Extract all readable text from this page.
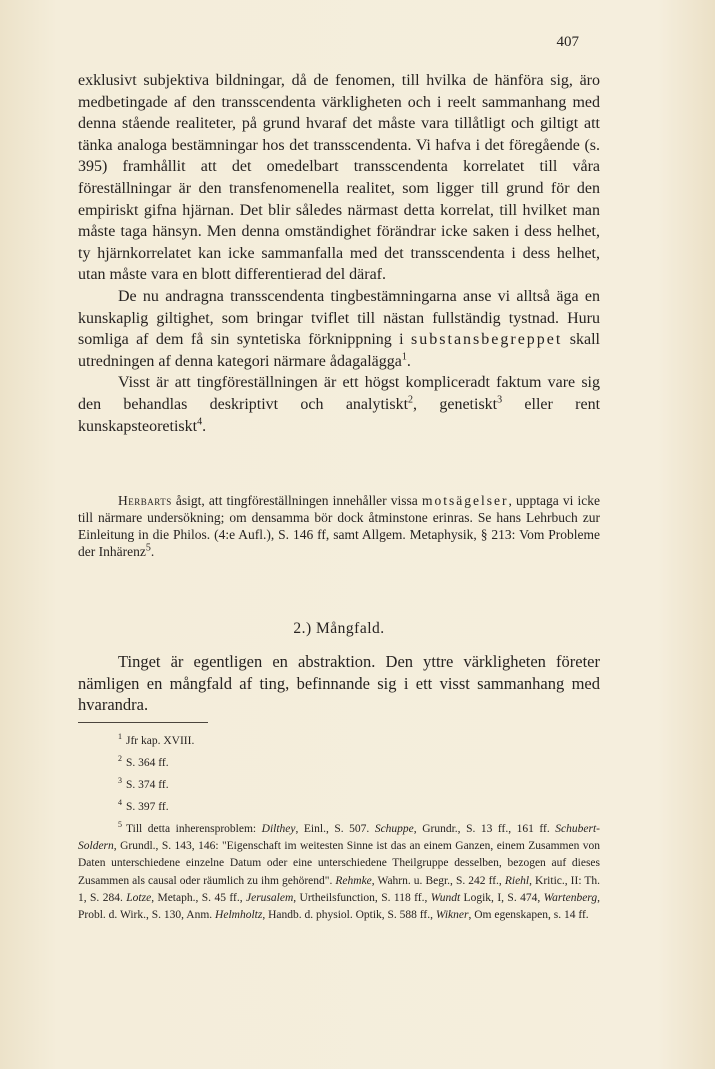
407

exklusivt subjektiva bildningar, då de fenomen, till hvilka de hänföra sig, äro medbetingade af den transscendenta värkligheten och i reelt sammanhang med denna stående realiteter, på grund hvaraf det måste vara tillåtligt och giltigt att tänka analoga bestämningar hos det transscendenta. Vi hafva i det föregående (s. 395) framhållit att det omedelbart transscendenta korrelatet till våra föreställningar är den transfenomenella realitet, som ligger till grund för den empiriskt gifna hjärnan. Det blir således närmast detta korrelat, till hvilket man måste taga hänsyn. Men denna omständighet förändrar icke saken i dess helhet, ty hjärnkorrelatet kan icke sammanfalla med det transscendenta i dess helhet, utan måste vara en blott differentierad del däraf.

De nu andragna transscendenta tingbestämningarna anse vi alltså äga en kunskaplig giltighet, som bringar tviflet till nästan fullständig tystnad. Huru somliga af dem få sin syntetiska förknippning i substansbegreppet skall utredningen af denna kategori närmare ådagalägga$^1$.

Visst är att tingföreställningen är ett högst kompliceradt faktum vare sig den behandlas deskriptivt och analytiskt$^2$, genetiskt$^3$ eller rent kunskapsteoretiskt$^4$.

Herbarts åsigt, att tingföreställningen innehåller vissa motsägelser, upptaga vi icke till närmare undersökning; om densamma bör dock åtminstone erinras. Se hans Lehrbuch zur Einleitung in die Philos. (4:e Aufl.), S. 146 ff, samt Allgem. Metaphysik, § 213: Vom Probleme der Inhärenz$^5$.

2.) Mångfald.

Tinget är egentligen en abstraktion. Den yttre värkligheten företer nämligen en mångfald af ting, befinnande sig i ett visst sammanhang med hvarandra.

$^1$ Jfr kap. XVIII.

$^2$ S. 364 ff.

$^3$ S. 374 ff.

$^4$ S. 397 ff.

$^5$ Till detta inherensproblem: Dilthey, Einl., S. 507. Schuppe, Grundr., S. 13 ff., 161 ff. Schubert-Soldern, Grundl., S. 143, 146: "Eigenschaft im weitesten Sinne ist das an einem Ganzen, einem Zusammen von Daten unterschiedene einzelne Datum oder eine unterschiedene Theilgruppe desselben, bezogen auf dieses Zusammen als causal oder räumlich zu ihm gehörend". Rehmke, Wahrn. u. Begr., S. 242 ff., Riehl, Kritic., II: Th. 1, S. 284. Lotze, Metaph., S. 45 ff., Jerusalem, Urtheilsfunction, S. 118 ff., Wundt Logik, I, S. 474, Wartenberg, Probl. d. Wirk., S. 130, Anm. Helmholtz, Handb. d. physiol. Optik, S. 588 ff., Wikner, Om egenskapen, s. 14 ff.
